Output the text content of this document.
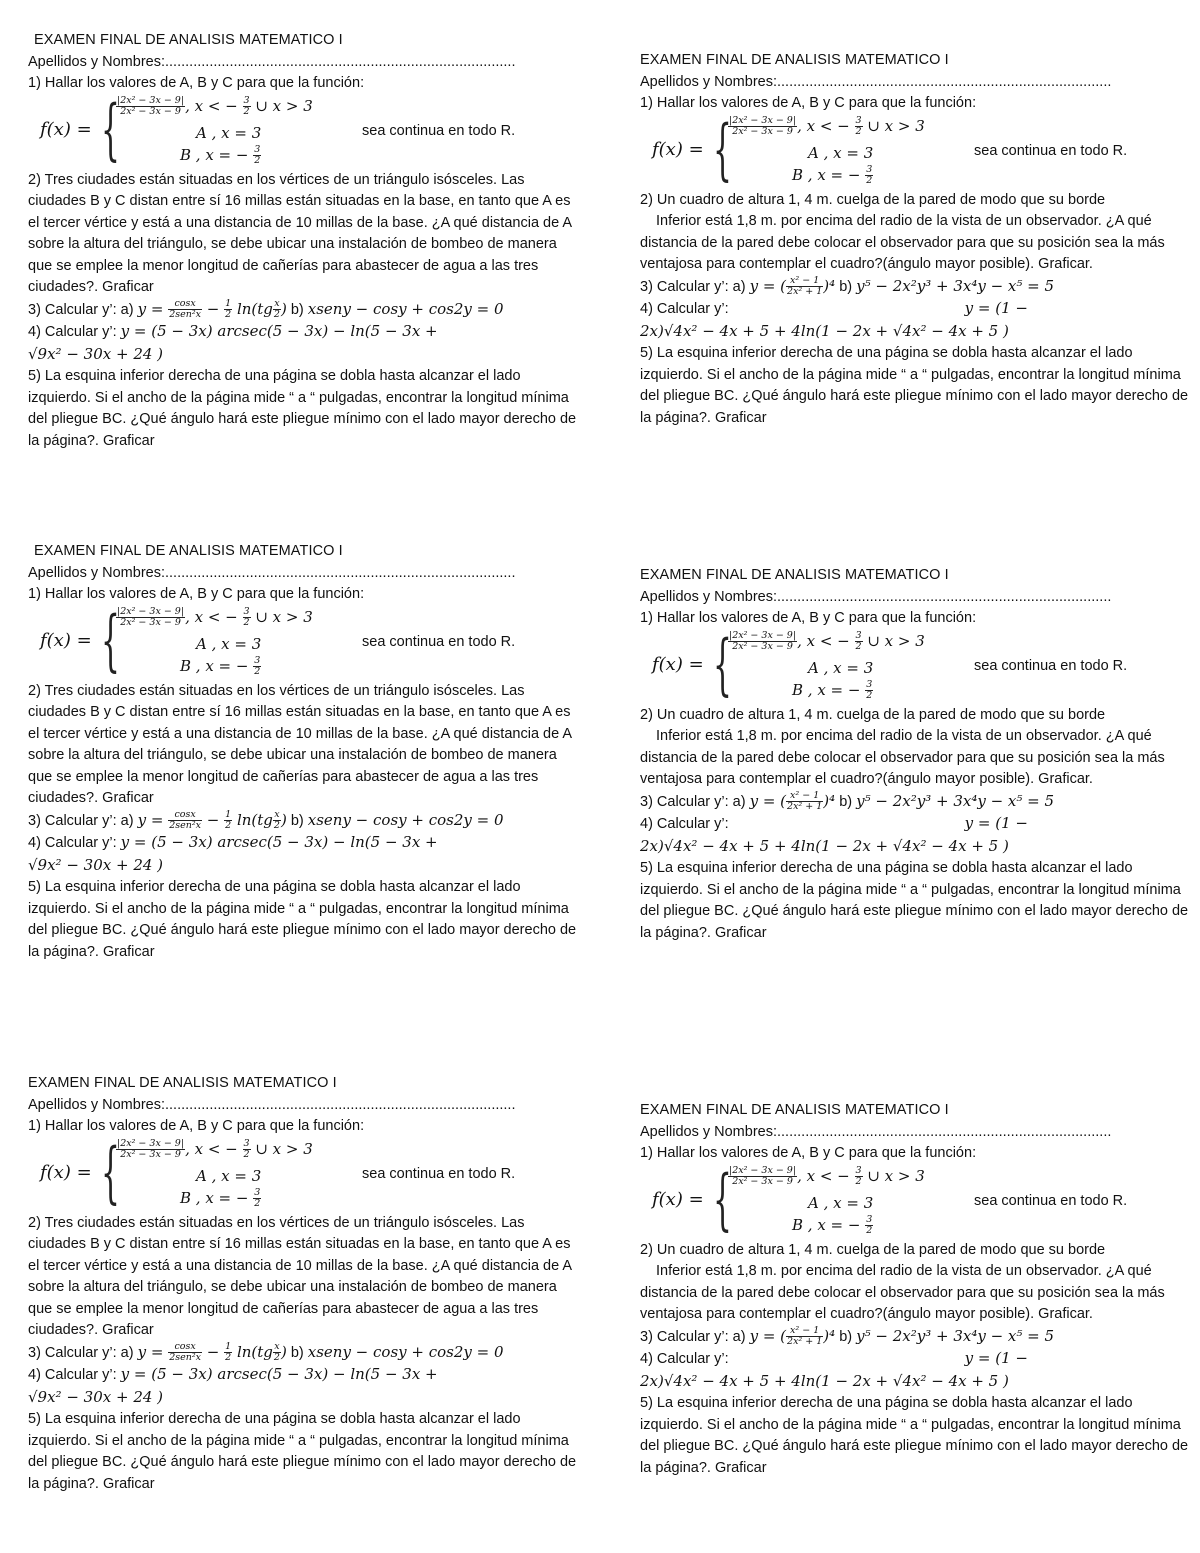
EXAMEN FINAL DE ANALISIS MATEMATICO I

Apellidos y Nombres:.......................................................................................

1) Hallar los valores de A, B y C para que la función:

f(x) = {
$\frac{\text{|2x² − 3x − 9|}}{\text{2x² − 3x − 9}}$ , x < − $\frac{3}{2}$ ∪ x > 3
A , x = 3
B , x = − $\frac{3}{2}$
sea continua en todo R.

2) Tres ciudades están situadas en los vértices de un triángulo isósceles. Las ciudades B y C distan entre sí 16 millas están situadas en la base, en tanto que A es el tercer vértice y está a una distancia de 10 millas de la base. ¿A qué distancia de A sobre la altura del triángulo, se debe ubicar una instalación de bombeo de manera que se emplee la menor longitud de cañerías para abastecer de agua a las tres ciudades?. Graficar

3) Calcular y’: a) $y = \frac{\cos x}{\text{2sen²x}} - \frac{1}{2} \ln(tg \frac{x}{2}$ ) b) xseny − cosy + cos2y = 0

4) Calcular y’: y = (5 − 3x) arcsec(5 − 3x) − ln(5 − 3x +

√9x² − 30x + 24 )

5) La esquina inferior derecha de una página se dobla hasta alcanzar el lado izquierdo. Si el ancho de la página mide “ a “ pulgadas, encontrar la longitud mínima del pliegue BC. ¿Qué ángulo hará este pliegue mínimo con el lado mayor derecho de la página?. Graficar

EXAMEN FINAL DE ANALISIS MATEMATICO I

Apellidos y Nombres:.......................................................................................

1) Hallar los valores de A, B y C para que la función:

f(x) = {
$\frac{\text{|2x² − 3x − 9|}}{\text{2x² − 3x − 9}}$ , x < − $\frac{3}{2}$ ∪ x > 3
A , x = 3
B , x = − $\frac{3}{2}$
sea continua en todo R.

2) Tres ciudades están situadas en los vértices de un triángulo isósceles. Las ciudades B y C distan entre sí 16 millas están situadas en la base, en tanto que A es el tercer vértice y está a una distancia de 10 millas de la base. ¿A qué distancia de A sobre la altura del triángulo, se debe ubicar una instalación de bombeo de manera que se emplee la menor longitud de cañerías para abastecer de agua a las tres ciudades?. Graficar

3) Calcular y’: a) $y = \frac{\cos x}{\text{2sen²x}} - \frac{1}{2} \ln(tg \frac{x}{2}$ ) b) xseny − cosy + cos2y = 0

4) Calcular y’: y = (5 − 3x) arcsec(5 − 3x) − ln(5 − 3x +

√9x² − 30x + 24 )

5) La esquina inferior derecha de una página se dobla hasta alcanzar el lado izquierdo. Si el ancho de la página mide “ a “ pulgadas, encontrar la longitud mínima del pliegue BC. ¿Qué ángulo hará este pliegue mínimo con el lado mayor derecho de la página?. Graficar

EXAMEN FINAL DE ANALISIS MATEMATICO I

Apellidos y Nombres:.......................................................................................

1) Hallar los valores de A, B y C para que la función:

f(x) = {
$\frac{\text{|2x² − 3x − 9|}}{\text{2x² − 3x − 9}}$ , x < − $\frac{3}{2}$ ∪ x > 3
A , x = 3
B , x = − $\frac{3}{2}$
sea continua en todo R.

2) Tres ciudades están situadas en los vértices de un triángulo isósceles. Las ciudades B y C distan entre sí 16 millas están situadas en la base, en tanto que A es el tercer vértice y está a una distancia de 10 millas de la base. ¿A qué distancia de A sobre la altura del triángulo, se debe ubicar una instalación de bombeo de manera que se emplee la menor longitud de cañerías para abastecer de agua a las tres ciudades?. Graficar

3) Calcular y’: a) $y = \frac{\cos x}{\text{2sen²x}} - \frac{1}{2} \ln(tg \frac{x}{2}$ ) b) xseny − cosy + cos2y = 0

4) Calcular y’: y = (5 − 3x) arcsec(5 − 3x) − ln(5 − 3x +

√9x² − 30x + 24 )

5) La esquina inferior derecha de una página se dobla hasta alcanzar el lado izquierdo. Si el ancho de la página mide “ a “ pulgadas, encontrar la longitud mínima del pliegue BC. ¿Qué ángulo hará este pliegue mínimo con el lado mayor derecho de la página?. Graficar

EXAMEN FINAL DE ANALISIS MATEMATICO I

Apellidos y Nombres:...................................................................................

1) Hallar los valores de A, B y C para que la función:

f(x) = {
$\frac{\text{|2x² − 3x − 9|}}{\text{2x² − 3x − 9}}$ , x < − $\frac{3}{2}$ ∪ x > 3
A , x = 3
B , x = − $\frac{3}{2}$
sea continua en todo R.

2) Un cuadro de altura 1, 4 m. cuelga de la pared de modo que su borde

Inferior está 1,8 m. por encima del radio de la vista de un observador. ¿A qué distancia de la pared debe colocar el observador para que su posición sea la más ventajosa para contemplar el cuadro?(ángulo mayor posible). Graficar.

3) Calcular y’: a) y = ( $\frac{\text{x² − 1}}{\text{2x² + 1}} )^4$ b) y⁵ − 2x²y³ + 3x⁴y − x⁵ = 5

4) Calcular y’:	y = (1 −

2x)√4x² − 4x + 5 + 4ln(1 − 2x + √4x² − 4x + 5 )

5) La esquina inferior derecha de una página se dobla hasta alcanzar el lado izquierdo. Si el ancho de la página mide “ a “ pulgadas, encontrar la longitud mínima del pliegue BC. ¿Qué ángulo hará este pliegue mínimo con el lado mayor derecho de la página?. Graficar

EXAMEN FINAL DE ANALISIS MATEMATICO I

Apellidos y Nombres:...................................................................................

1) Hallar los valores de A, B y C para que la función:

f(x) = {
$\frac{\text{|2x² − 3x − 9|}}{\text{2x² − 3x − 9}}$ , x < − $\frac{3}{2}$ ∪ x > 3
A , x = 3
B , x = − $\frac{3}{2}$
sea continua en todo R.

2) Un cuadro de altura 1, 4 m. cuelga de la pared de modo que su borde

Inferior está 1,8 m. por encima del radio de la vista de un observador. ¿A qué distancia de la pared debe colocar el observador para que su posición sea la más ventajosa para contemplar el cuadro?(ángulo mayor posible). Graficar.

3) Calcular y’: a) y = ( $\frac{\text{x² − 1}}{\text{2x² + 1}} )^4$ b) y⁵ − 2x²y³ + 3x⁴y − x⁵ = 5

4) Calcular y’:	y = (1 −

2x)√4x² − 4x + 5 + 4ln(1 − 2x + √4x² − 4x + 5 )

5) La esquina inferior derecha de una página se dobla hasta alcanzar el lado izquierdo. Si el ancho de la página mide “ a “ pulgadas, encontrar la longitud mínima del pliegue BC. ¿Qué ángulo hará este pliegue mínimo con el lado mayor derecho de la página?. Graficar

EXAMEN FINAL DE ANALISIS MATEMATICO I

Apellidos y Nombres:...................................................................................

1) Hallar los valores de A, B y C para que la función:

f(x) = {
$\frac{\text{|2x² − 3x − 9|}}{\text{2x² − 3x − 9}}$ , x < − $\frac{3}{2}$ ∪ x > 3
A , x = 3
B , x = − $\frac{3}{2}$
sea continua en todo R.

2) Un cuadro de altura 1, 4 m. cuelga de la pared de modo que su borde

Inferior está 1,8 m. por encima del radio de la vista de un observador. ¿A qué distancia de la pared debe colocar el observador para que su posición sea la más ventajosa para contemplar el cuadro?(ángulo mayor posible). Graficar.

3) Calcular y’: a) y = ( $\frac{\text{x² − 1}}{\text{2x² + 1}} )^4$ b) y⁵ − 2x²y³ + 3x⁴y − x⁵ = 5

4) Calcular y’:	y = (1 −

2x)√4x² − 4x + 5 + 4ln(1 − 2x + √4x² − 4x + 5 )

5) La esquina inferior derecha de una página se dobla hasta alcanzar el lado izquierdo. Si el ancho de la página mide “ a “ pulgadas, encontrar la longitud mínima del pliegue BC. ¿Qué ángulo hará este pliegue mínimo con el lado mayor derecho de la página?. Graficar
